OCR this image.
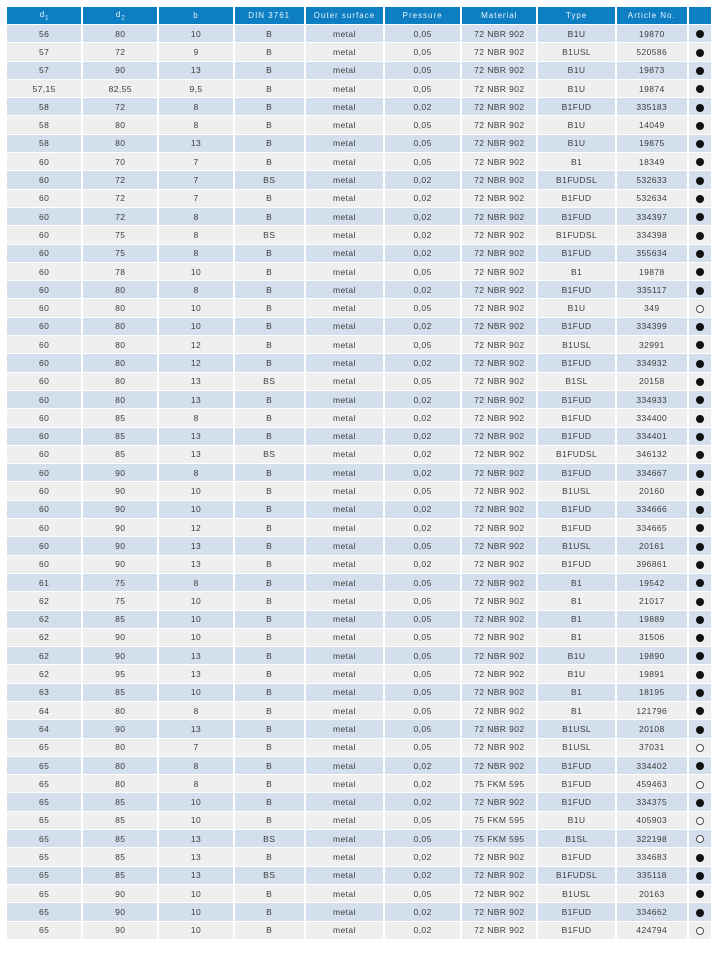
$d_1$	$d_2$	b	DIN 3761	Outer surface	Pressure	Material	Type	Article No.	
56	80	10	B	metal	0,05	72 NBR 902	B1U	19870	
57	72	9	B	metal	0,05	72 NBR 902	B1USL	520586	
57	90	13	B	metal	0,05	72 NBR 902	B1U	19873	
57,15	82,55	9,5	B	metal	0,05	72 NBR 902	B1U	19874	
58	72	8	B	metal	0,02	72 NBR 902	B1FUD	335183	
58	80	8	B	metal	0,05	72 NBR 902	B1U	14049	
58	80	13	B	metal	0,05	72 NBR 902	B1U	19875	
60	70	7	B	metal	0,05	72 NBR 902	B1	18349	
60	72	7	BS	metal	0,02	72 NBR 902	B1FUDSL	532633	
60	72	7	B	metal	0,02	72 NBR 902	B1FUD	532634	
60	72	8	B	metal	0,02	72 NBR 902	B1FUD	334397	
60	75	8	BS	metal	0,02	72 NBR 902	B1FUDSL	334398	
60	75	8	B	metal	0,02	72 NBR 902	B1FUD	355634	
60	78	10	B	metal	0,05	72 NBR 902	B1	19878	
60	80	8	B	metal	0,02	72 NBR 902	B1FUD	335117	
60	80	10	B	metal	0,05	72 NBR 902	B1U	349	
60	80	10	B	metal	0,02	72 NBR 902	B1FUD	334399	
60	80	12	B	metal	0,05	72 NBR 902	B1USL	32991	
60	80	12	B	metal	0,02	72 NBR 902	B1FUD	334932	
60	80	13	BS	metal	0,05	72 NBR 902	B1SL	20158	
60	80	13	B	metal	0,02	72 NBR 902	B1FUD	334933	
60	85	8	B	metal	0,02	72 NBR 902	B1FUD	334400	
60	85	13	B	metal	0,02	72 NBR 902	B1FUD	334401	
60	85	13	BS	metal	0,02	72 NBR 902	B1FUDSL	346132	
60	90	8	B	metal	0,02	72 NBR 902	B1FUD	334667	
60	90	10	B	metal	0,05	72 NBR 902	B1USL	20160	
60	90	10	B	metal	0,02	72 NBR 902	B1FUD	334666	
60	90	12	B	metal	0,02	72 NBR 902	B1FUD	334665	
60	90	13	B	metal	0,05	72 NBR 902	B1USL	20161	
60	90	13	B	metal	0,02	72 NBR 902	B1FUD	396861	
61	75	8	B	metal	0,05	72 NBR 902	B1	19542	
62	75	10	B	metal	0,05	72 NBR 902	B1	21017	
62	85	10	B	metal	0,05	72 NBR 902	B1	19889	
62	90	10	B	metal	0,05	72 NBR 902	B1	31506	
62	90	13	B	metal	0,05	72 NBR 902	B1U	19890	
62	95	13	B	metal	0,05	72 NBR 902	B1U	19891	
63	85	10	B	metal	0,05	72 NBR 902	B1	18195	
64	80	8	B	metal	0,05	72 NBR 902	B1	121796	
64	90	13	B	metal	0,05	72 NBR 902	B1USL	20108	
65	80	7	B	metal	0,05	72 NBR 902	B1USL	37031	
65	80	8	B	metal	0,02	72 NBR 902	B1FUD	334402	
65	80	8	B	metal	0,02	75 FKM 595	B1FUD	459463	
65	85	10	B	metal	0,02	72 NBR 902	B1FUD	334375	
65	85	10	B	metal	0,05	75 FKM 595	B1U	405903	
65	85	13	BS	metal	0,05	75 FKM 595	B1SL	322198	
65	85	13	B	metal	0,02	72 NBR 902	B1FUD	334683	
65	85	13	BS	metal	0,02	72 NBR 902	B1FUDSL	335118	
65	90	10	B	metal	0,05	72 NBR 902	B1USL	20163	
65	90	10	B	metal	0,02	72 NBR 902	B1FUD	334662	
65	90	10	B	metal	0,02	72 NBR 902	B1FUD	424794	
